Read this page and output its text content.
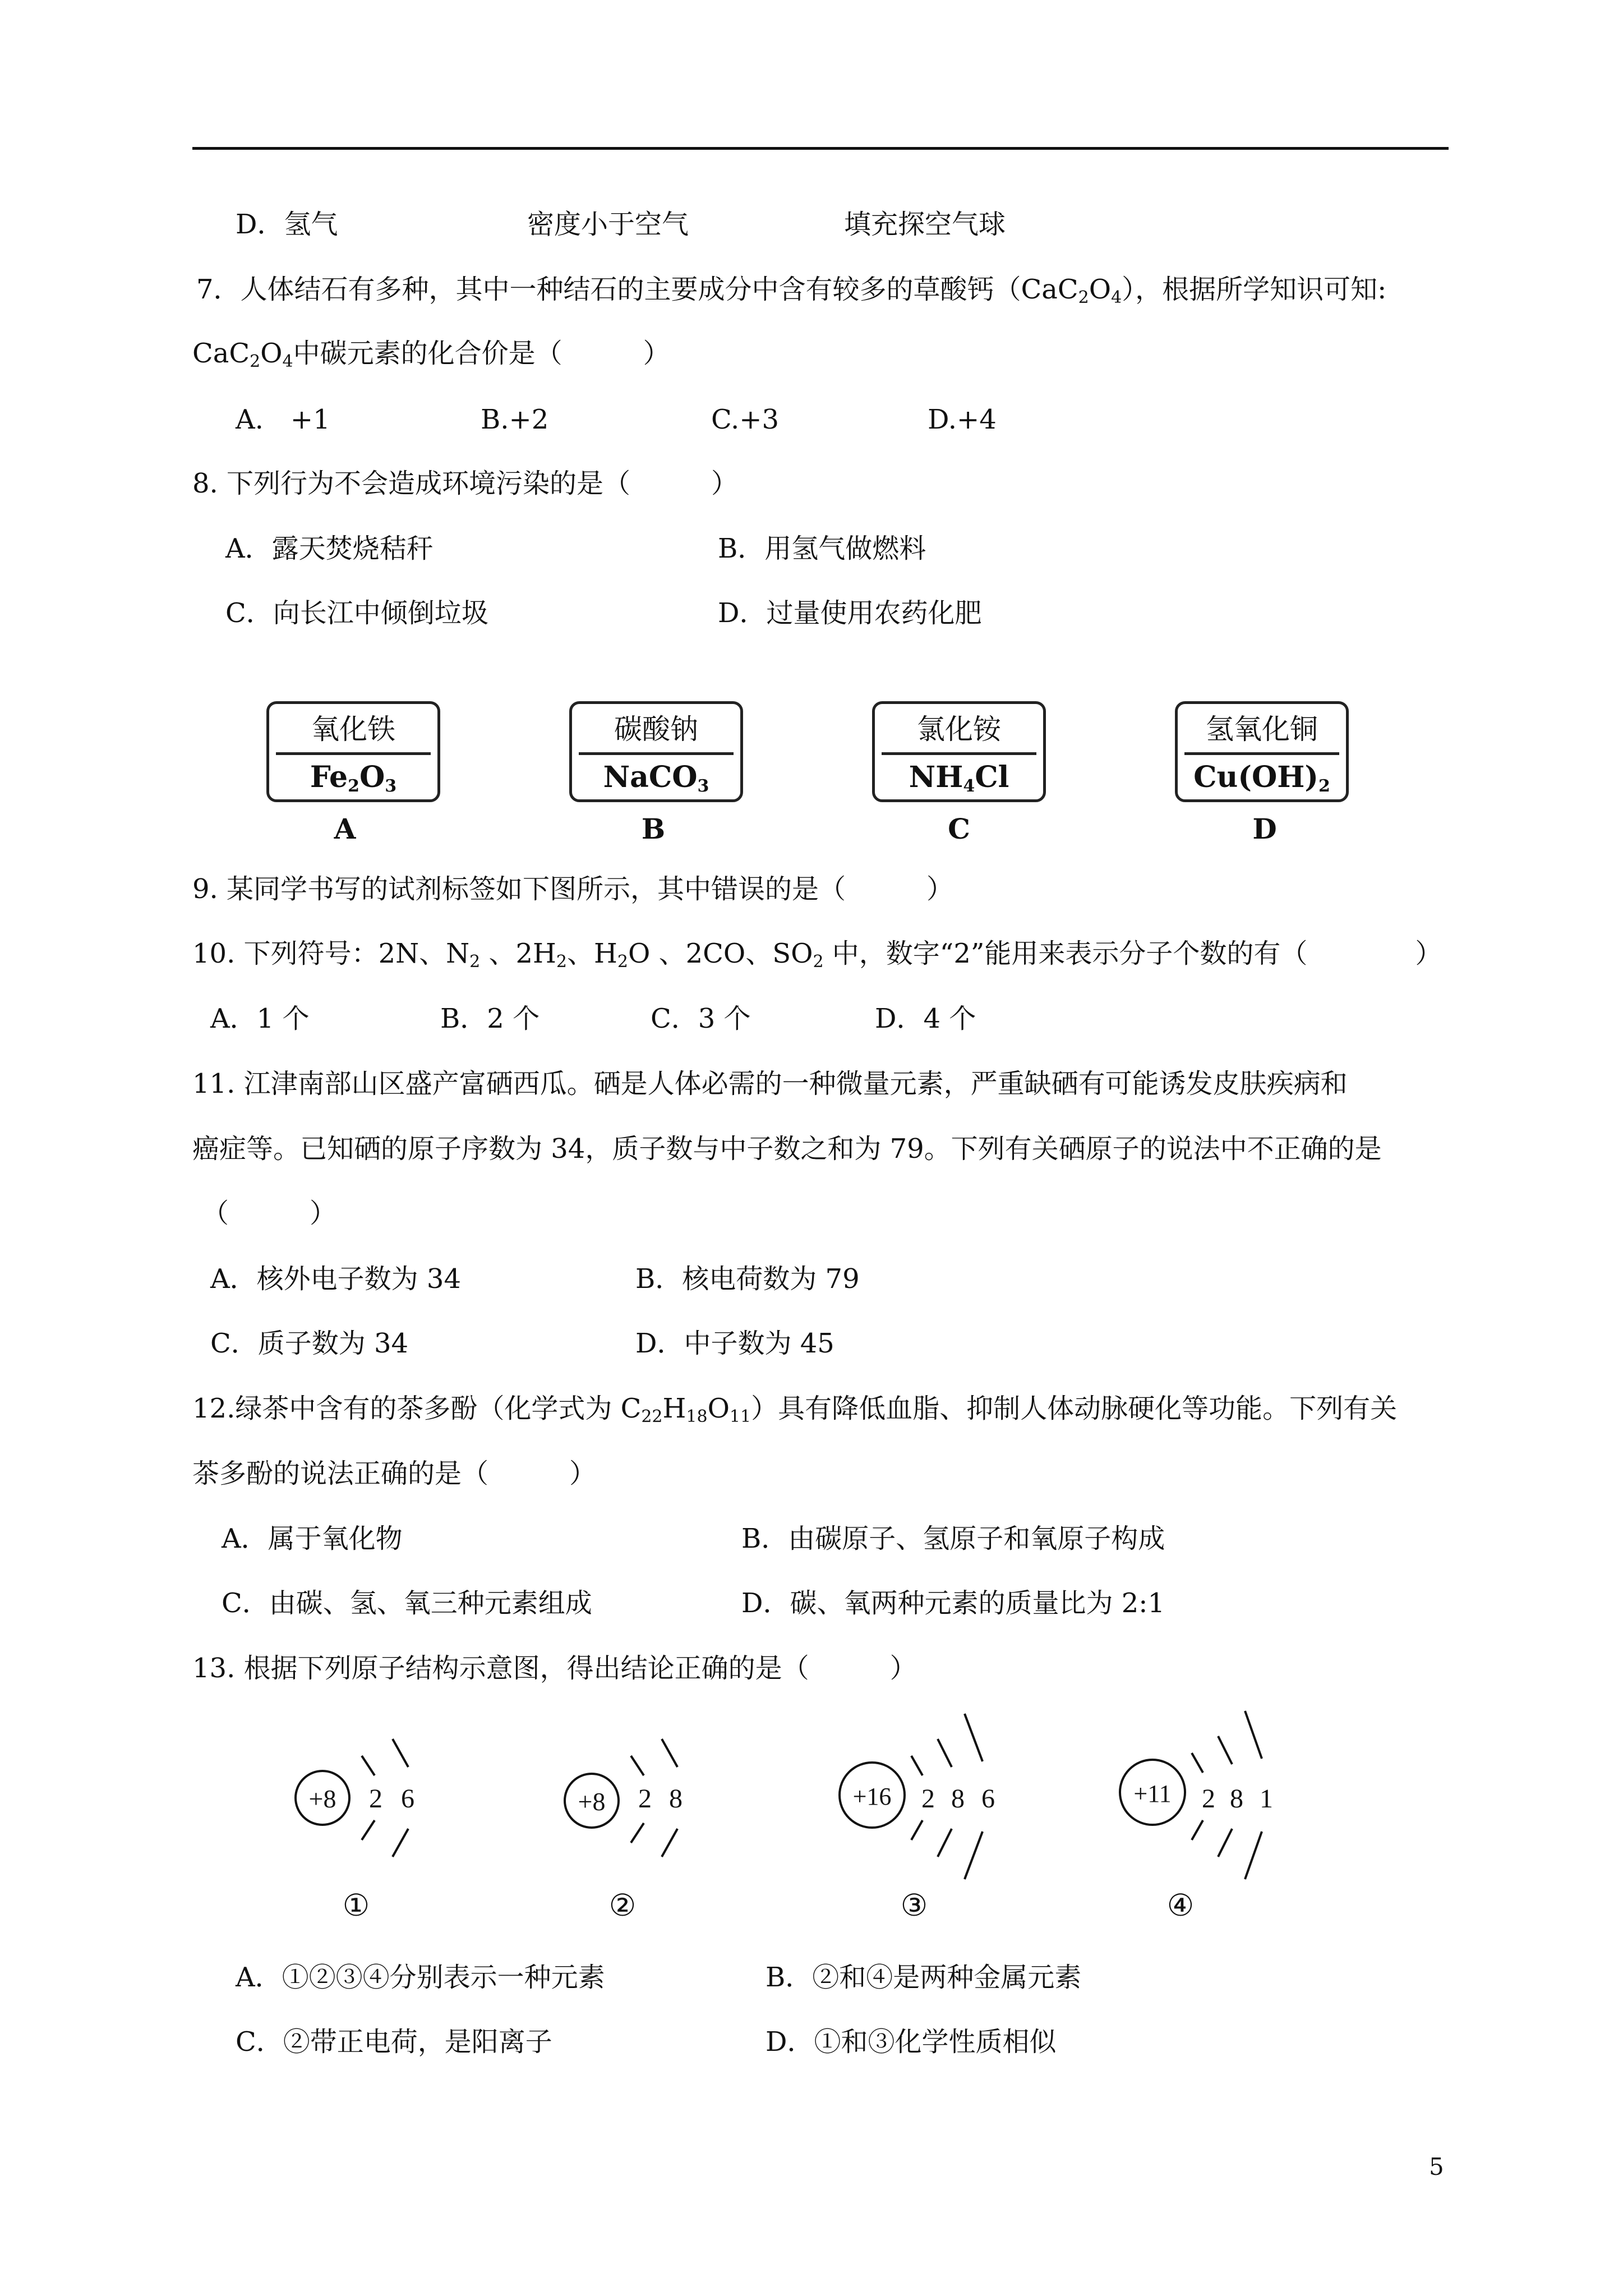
D．氢气	密度小于空气	填充探空气球
7．人体结石有多种，其中一种结石的主要成分中含有较多的草酸钙$(CaC_2O_4)$，根据所学知识可知:
$CaC_2O_4$中碳元素的化合价是（　　　）
A.　+1	B.+2	C.+3	D.+4
8. 下列行为不会造成环境污染的是（　　　）
A．露天焚烧秸秆	B．用氢气做燃料
C．向长江中倾倒垃圾	D．过量使用农药化肥
氧化铁
$Fe_2O_3$
A
碳酸钠
NaCO$_3$
B
氯化铵
$NH_4Cl$
C
氢氧化铜
$Cu(OH)_2$
D
9. 某同学书写的试剂标签如下图所示，其中错误的是（　　　）
10. 下列符号：2N、$N_2$ 、$2H_2$、$H_2O$ 、2CO、$SO_2$ 中，数字“2”能用来表示分子个数的有（　　　　）
A．1 个	B．2 个	C．3 个	D．4 个
11. 江津南部山区盛产富硒西瓜。硒是人体必需的一种微量元素，严重缺硒有可能诱发皮肤疾病和
癌症等。已知硒的原子序数为 34，质子数与中子数之和为 79。下列有关硒原子的说法中不正确的是
（　　　）
A．核外电子数为 34	B．核电荷数为 79
C．质子数为 34	D．中子数为 45
12.绿茶中含有的茶多酚（化学式为 $C_{22}H_{18}O_{11}$）具有降低血脂、抑制人体动脉硬化等功能。下列有关
茶多酚的说法正确的是（　　　）
A．属于氧化物	B．由碳原子、氢原子和氧原子构成
C．由碳、氢、氧三种元素组成	D．碳、氧两种元素的质量比为 2:1
13. 根据下列原子结构示意图，得出结论正确的是（　　　）
+8 2 6	+8 2 8	+16 2 8 6	+11 2 8 1
①	②	③	④
A．①②③④分别表示一种元素	B．②和④是两种金属元素
C．②带正电荷，是阳离子	D．①和③化学性质相似
5
